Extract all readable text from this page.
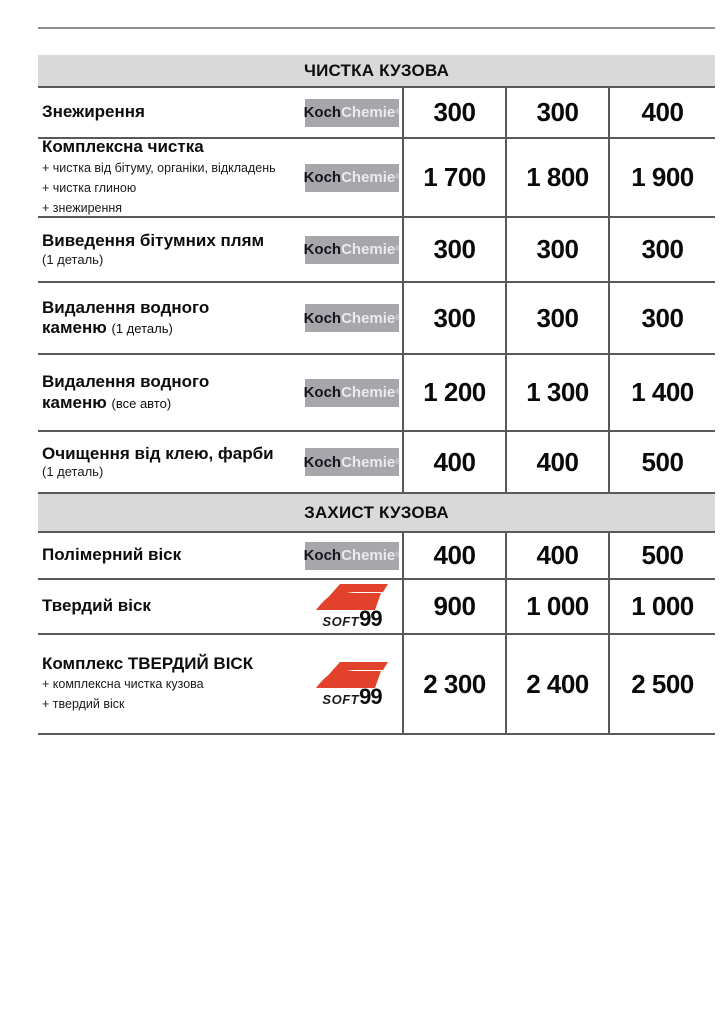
ЧИСТКА КУЗОВА
Знежирення	Koch Chemie ®	300	300	400
Комплексна чистка
+ чистка від бітуму, органіки, відкладень
+ чистка глиною
+ знежирення
Koch Chemie ® 1 700	1 800	1 900
Виведення бітумних плям
(1 деталь)
Koch Chemie ®	300	300	300
Видалення водного
каменю (1 деталь)
Koch Chemie ®	300	300	300
Видалення водного
каменю (все авто)
Koch Chemie ® 1 200	1 300	1 400
Очищення від клею, фарби
(1 деталь)
Koch Chemie ®	400	400	500
ЗАХИСТ КУЗОВА
Полімерний віск	Koch Chemie ®	400	400	500
Твердий віск
SOFT99	900	1 000	1 000
Комплекс ТВЕРДИЙ ВІСК
+ комплексна чистка кузова
+ твердий віск	SOFT99	2 300	2 400	2 500
